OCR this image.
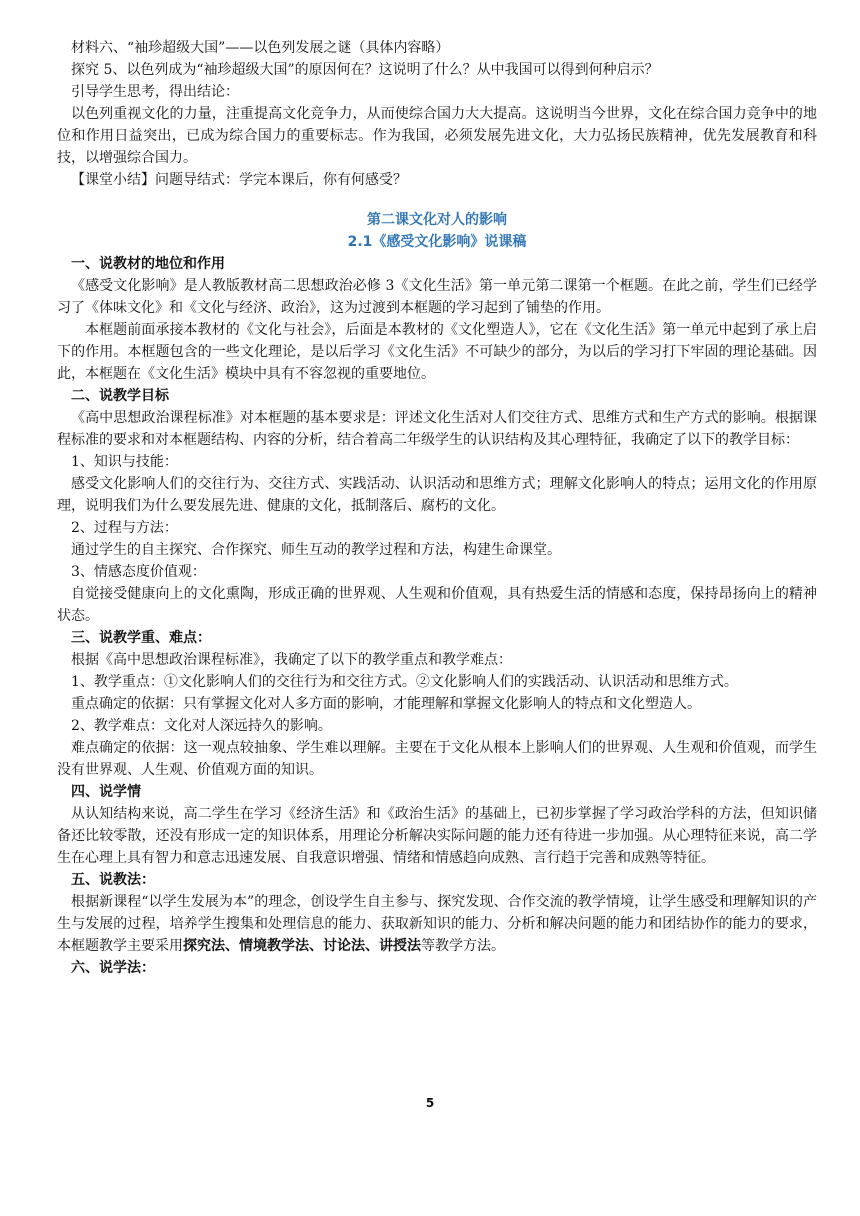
材料六、“袖珍超级大国”——以色列发展之谜（具体内容略）

探究 5、以色列成为“袖珍超级大国”的原因何在？这说明了什么？从中我国可以得到何种启示？

引导学生思考，得出结论：

以色列重视文化的力量，注重提高文化竞争力，从而使综合国力大大提高。这说明当今世界，文化在综合国力竞争中的地位和作用日益突出，已成为综合国力的重要标志。作为我国，必须发展先进文化，大力弘扬民族精神，优先发展教育和科技，以增强综合国力。

【课堂小结】问题导结式：学完本课后，你有何感受？

第二课文化对人的影响

2.1《感受文化影响》说课稿

一、说教材的地位和作用

《感受文化影响》是人教版教材高二思想政治必修 3《文化生活》第一单元第二课第一个框题。在此之前，学生们已经学习了《体味文化》和《文化与经济、政治》，这为过渡到本框题的学习起到了铺垫的作用。

本框题前面承接本教材的《文化与社会》，后面是本教材的《文化塑造人》，它在《文化生活》第一单元中起到了承上启下的作用。本框题包含的一些文化理论，是以后学习《文化生活》不可缺少的部分，为以后的学习打下牢固的理论基础。因此，本框题在《文化生活》模块中具有不容忽视的重要地位。

二、说教学目标

《高中思想政治课程标准》对本框题的基本要求是：评述文化生活对人们交往方式、思维方式和生产方式的影响。根据课程标准的要求和对本框题结构、内容的分析，结合着高二年级学生的认识结构及其心理特征，我确定了以下的教学目标：

1、知识与技能：

感受文化影响人们的交往行为、交往方式、实践活动、认识活动和思维方式；理解文化影响人的特点；运用文化的作用原理，说明我们为什么要发展先进、健康的文化，抵制落后、腐朽的文化。

2、过程与方法：

通过学生的自主探究、合作探究、师生互动的教学过程和方法，构建生命课堂。

3、情感态度价值观：

自觉接受健康向上的文化熏陶，形成正确的世界观、人生观和价值观，具有热爱生活的情感和态度，保持昂扬向上的精神状态。

三、说教学重、难点：

根据《高中思想政治课程标准》，我确定了以下的教学重点和教学难点：

1、教学重点：①文化影响人们的交往行为和交往方式。②文化影响人们的实践活动、认识活动和思维方式。

重点确定的依据：只有掌握文化对人多方面的影响，才能理解和掌握文化影响人的特点和文化塑造人。

2、教学难点：文化对人深远持久的影响。

难点确定的依据：这一观点较抽象、学生难以理解。主要在于文化从根本上影响人们的世界观、人生观和价值观，而学生没有世界观、人生观、价值观方面的知识。

四、说学情

从认知结构来说，高二学生在学习《经济生活》和《政治生活》的基础上，已初步掌握了学习政治学科的方法，但知识储备还比较零散，还没有形成一定的知识体系，用理论分析解决实际问题的能力还有待进一步加强。从心理特征来说，高二学生在心理上具有智力和意志迅速发展、自我意识增强、情绪和情感趋向成熟、言行趋于完善和成熟等特征。

五、说教法：

根据新课程“以学生发展为本”的理念，创设学生自主参与、探究发现、合作交流的教学情境，让学生感受和理解知识的产生与发展的过程，培养学生搜集和处理信息的能力、获取新知识的能力、分析和解决问题的能力和团结协作的能力的要求，本框题教学主要采用探究法、情境教学法、讨论法、讲授法等教学方法。

六、说学法：

5
